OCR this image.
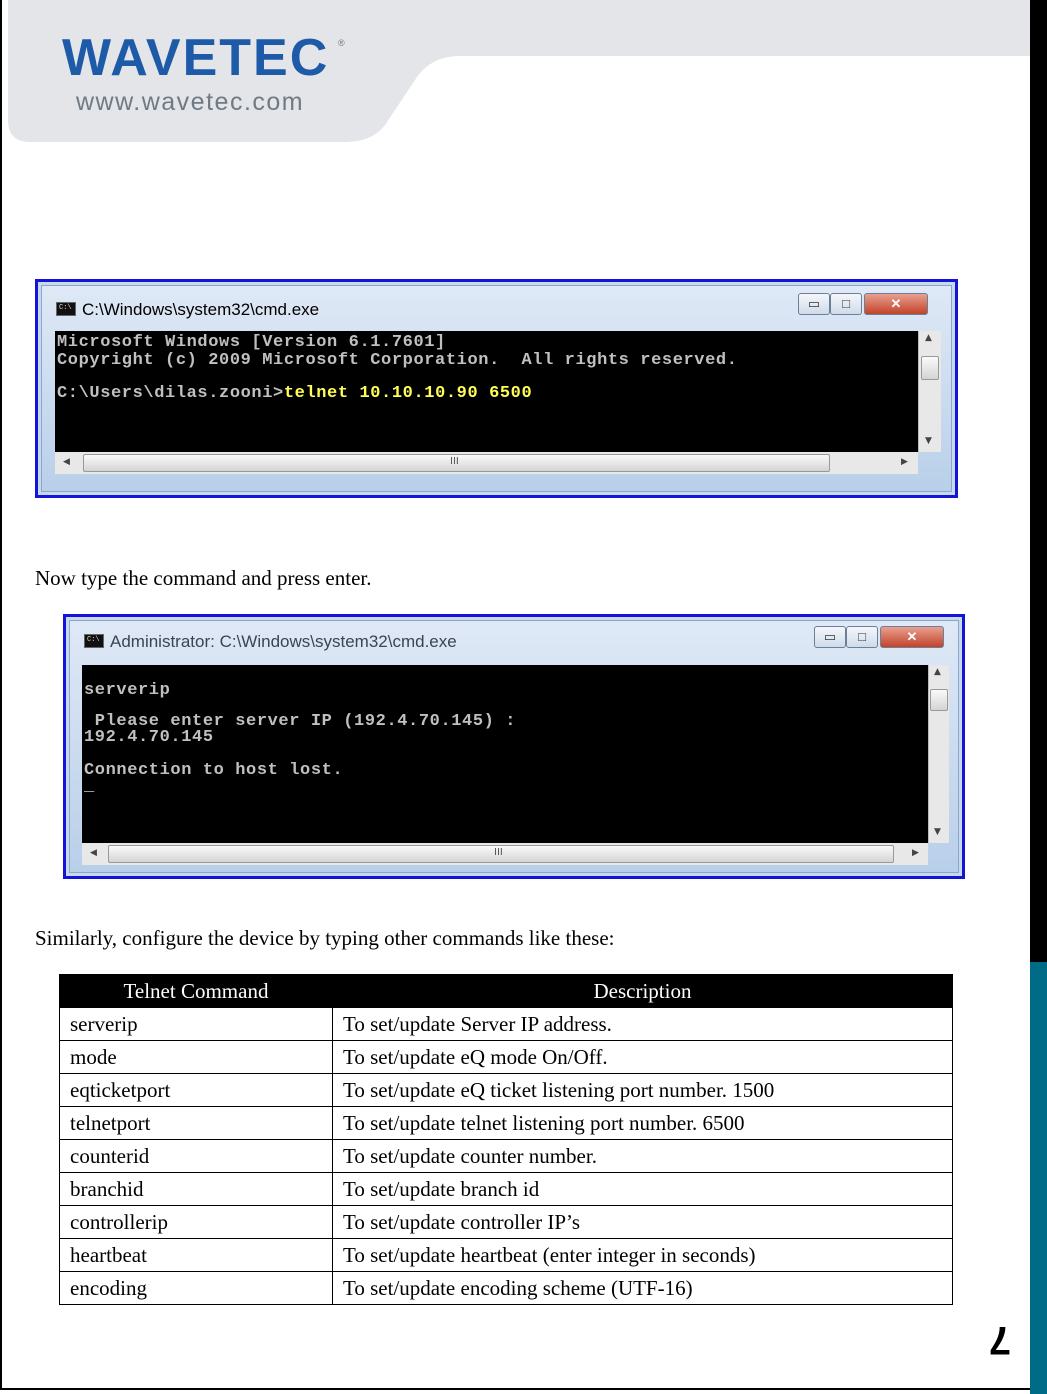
WAVETEC ®
www.wavetec.com
C:\ C:\Windows\system32\cmd.exe	▭	□	✕
Microsoft Windows [Version 6.1.7601]
Copyright (c) 2009 Microsoft Corporation.  All rights reserved.
C:\Users\dilas.zooni>telnet 10.10.10.90 6500
▲
▼
◀	III	▶
Now type the command and press enter.
C:\ Administrator: C:\Windows\system32\cmd.exe	▭	□	✕
serverip
Please enter server IP (192.4.70.145) :
192.4.70.145
Connection to host lost.
_
▲
▼
◀	III	▶
Similarly, configure the device by typing other commands like these:
Telnet Command	Description
serverip	To set/update Server IP address.
mode	To set/update eQ mode On/Off.
eqticketport	To set/update eQ ticket listening port number. 1500
telnetport	To set/update telnet listening port number. 6500
counterid	To set/update counter number.
branchid	To set/update branch id
controllerip	To set/update controller IP’s
heartbeat	To set/update heartbeat (enter integer in seconds)
encoding	To set/update encoding scheme (UTF-16)
7
